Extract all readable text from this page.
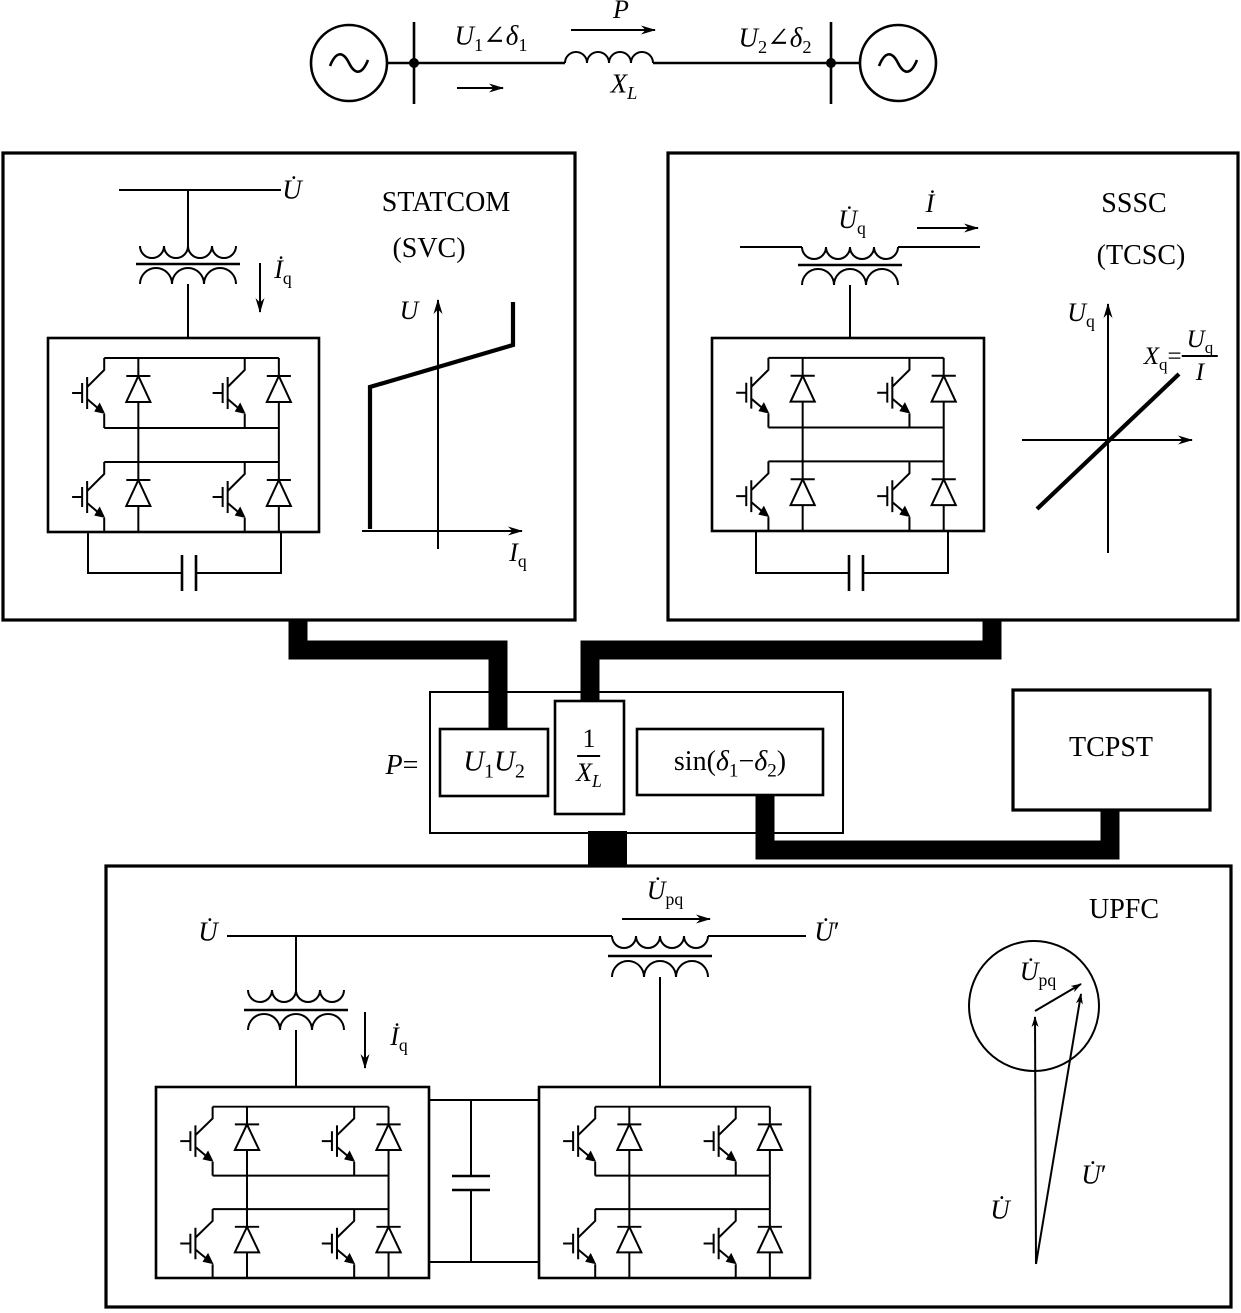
$U_1\angle\delta_1$
P
$X_L$
$U_2\angle\delta_2$
U̇
$İ_q$
STATCOM
(SVC)
U
$I_q$
$U̇_q$
İ	SSSC
(TCSC)
$U_q$
$X_q= \frac{U_q}{I}$
$P= U_1U_2 \frac{1}{X_L}$	$\sin(\delta_1-\delta_2)$	TCPST
U̇
$İ_q$
$U̇_{pq}$
U̇′
UPFC
$U̇_{pq}$
U̇′
U̇
